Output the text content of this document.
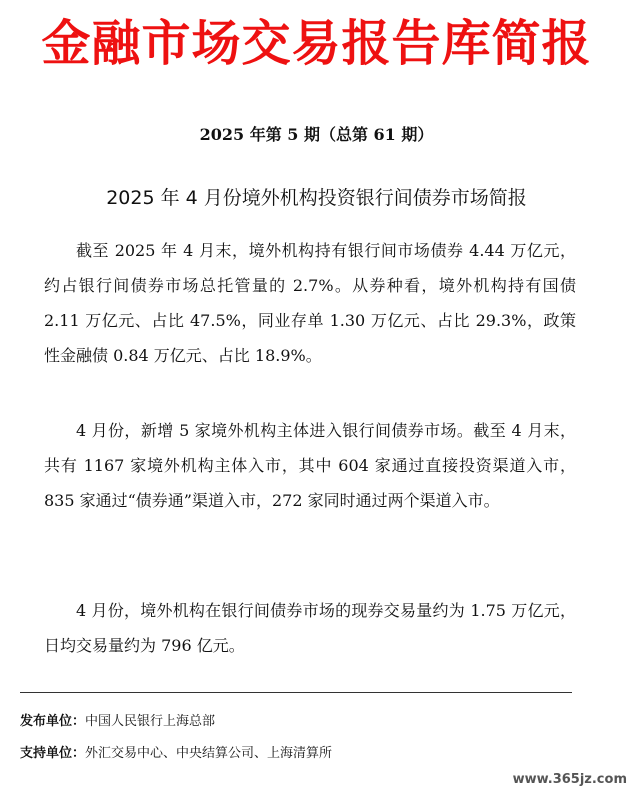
金融市场交易报告库简报
2025 年第 5 期（总第 61 期）
2025 年 4 月份境外机构投资银行间债券市场简报

截至 2025 年 4 月末，境外机构持有银行间市场债券 4.44 万亿元，约占银行间债券市场总托管量的 2.7%。从券种看，境外机构持有国债 2.11 万亿元、占比 47.5%，同业存单 1.30 万亿元、占比 29.3%，政策性金融债 0.84 万亿元、占比 18.9%。

4 月份，新增 5 家境外机构主体进入银行间债券市场。截至 4 月末，共有 1167 家境外机构主体入市，其中 604 家通过直接投资渠道入市，835 家通过“债券通”渠道入市，272 家同时通过两个渠道入市。

4 月份，境外机构在银行间债券市场的现券交易量约为 1.75 万亿元，日均交易量约为 796 亿元。

发布单位：中国人民银行上海总部
支持单位：外汇交易中心、中央结算公司、上海清算所
www.365jz.com
